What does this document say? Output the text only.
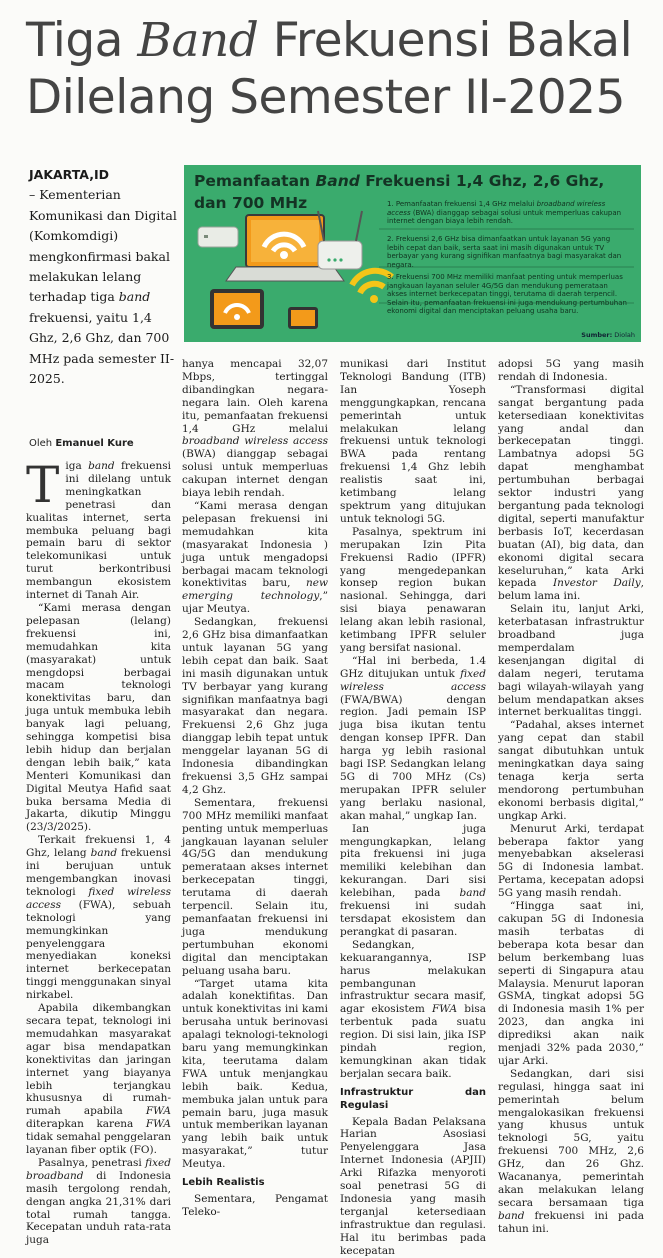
Tiga Band Frekuensi Bakal Dilelang Semester II-2025
JAKARTA,ID
– Kementerian Komunikasi dan Digital (Komkomdigi) mengkonfirmasi bakal melakukan lelang terhadap tiga band frekuensi, yaitu 1,4 Ghz, 2,6 Ghz, dan 700 MHz pada semester II-2025.
Oleh Emanuel Kure
Pemanfaatan Band Frekuensi 1,4 Ghz, 2,6 Ghz, dan 700 MHz	1. Pemanfaatan frekuensi 1,4 GHz melalui broadband wireless access (BWA) dianggap sebagai solusi untuk memperluas cakupan internet dengan biaya lebih rendah.
2. Frekuensi 2,6 GHz bisa dimanfaatkan untuk layanan 5G yang lebih cepat dan baik, serta saat ini masih digunakan untuk TV berbayar yang kurang signifikan manfaatnya bagi masyarakat dan negara.
3. Frekuensi 700 MHz memiliki manfaat penting untuk memperluas jangkauan layanan seluler 4G/5G dan mendukung pemerataan akses internet berkecepatan tinggi, terutama di daerah terpencil. Selain itu, pemanfaatan frekuensi ini juga mendukung pertumbuhan ekonomi digital dan menciptakan peluang usaha baru.
Sumber: Diolah

Tiga band frekuensi ini dilelang untuk meningkatkan penetrasi dan kualitas internet, serta membuka peluang bagi pemain baru di sektor telekomunikasi untuk turut berkontribusi membangun ekosistem internet di Tanah Air.

“Kami merasa dengan pelepasan (lelang) frekuensi ini, memudahkan kita (masyarakat) untuk mengdopsi berbagai macam teknologi konektivitas baru, dan juga untuk membuka lebih banyak lagi peluang, sehingga kompetisi bisa lebih hidup dan berjalan dengan lebih baik,” kata Menteri Komunikasi dan Digital Meutya Hafid saat buka bersama Media di Jakarta, dikutip Minggu (23/3/2025).

Terkait frekuensi 1, 4 Ghz, lelang band frekuensi ini berujuan untuk mengembangkan inovasi teknologi fixed wireless access (FWA), sebuah teknologi yang memungkinkan penyelenggara menyediakan koneksi internet berkecepatan tinggi menggunakan sinyal nirkabel.

Apabila dikembangkan secara tepat, teknologi ini memudahkan masyarakat agar bisa mendapatkan konektivitas dan jaringan internet yang biayanya lebih terjangkau khususnya di rumah-rumah apabila FWA diterapkan karena FWA tidak semahal penggelaran layanan fiber optik (FO).

Pasalnya, penetrasi fixed broadband di Indonesia masih tergolong rendah, dengan angka 21,31% dari total rumah tangga. Kecepatan unduh rata-rata juga

hanya mencapai 32,07 Mbps, tertinggal dibandingkan negara-negara lain. Oleh karena itu, pemanfaatan frekuensi 1,4 GHz melalui broadband wireless access (BWA) dianggap sebagai solusi untuk memperluas cakupan internet dengan biaya lebih rendah.

“Kami merasa dengan pelepasan frekuensi ini memudahkan kita (masyarakat Indonesia ) juga untuk mengadopsi berbagai macam teknologi konektivitas baru, new emerging technology,” ujar Meutya.

Sedangkan, frekuensi 2,6 GHz bisa dimanfaatkan untuk layanan 5G yang lebih cepat dan baik. Saat ini masih digunakan untuk TV berbayar yang kurang signifikan manfaatnya bagi masyarakat dan negara. Frekuensi 2,6 Ghz juga dianggap lebih tepat untuk menggelar layanan 5G di Indonesia dibandingkan frekuensi 3,5 GHz sampai 4,2 Ghz.

Sementara, frekuensi 700 MHz memiliki manfaat penting untuk memperluas jangkauan layanan seluler 4G/5G dan mendukung pemerataan akses internet berkecepatan tinggi, terutama di daerah terpencil. Selain itu, pemanfaatan frekuensi ini juga mendukung pertumbuhan ekonomi digital dan menciptakan peluang usaha baru.

“Target utama kita adalah konektifitas. Dan untuk konektivitas ini kami berusaha untuk berinovasi apalagi teknologi-teknologi baru yang memungkinkan kita, teerutama dalam FWA untuk menjangkau lebih baik. Kedua, membuka jalan untuk para pemain baru, juga masuk untuk memberikan layanan yang lebih baik untuk masyarakat,” tutur Meutya.

Lebih Realistis

Sementara, Pengamat Teleko-

munikasi dari Institut Teknologi Bandung (ITB) Ian Yoseph menggungkapkan, rencana pemerintah untuk melakukan lelang frekuensi untuk teknologi BWA pada rentang frekuensi 1,4 Ghz lebih realistis saat ini, ketimbang lelang spektrum yang ditujukan untuk teknologi 5G.

Pasalnya, spektrum ini merupakan Izin Pita Frekuensi Radio (IPFR) yang mengedepankan konsep region bukan nasional. Sehingga, dari sisi biaya penawaran lelang akan lebih rasional, ketimbang IPFR seluler yang bersifat nasional.

“Hal ini berbeda, 1.4 GHz ditujukan untuk fixed wireless access (FWA/BWA) dengan region. Jadi pemain ISP juga bisa ikutan tentu dengan konsep IPFR. Dan harga yg lebih rasional bagi ISP. Sedangkan lelang 5G di 700 MHz (Cs) merupakan IPFR seluler yang berlaku nasional, akan mahal,” ungkap Ian.

Ian juga mengungkapkan, lelang pita frekuensi ini juga memiliki kelebihan dan kekurangan. Dari sisi kelebihan, pada band frekuensi ini sudah tersdapat ekosistem dan perangkat di pasaran.

Sedangkan, kekuarangannya, ISP harus melakukan pembangunan infrastruktur secara masif, agar ekosistem FWA bisa terbentuk pada suatu region. Di sisi lain, jika ISP pindah region, kemungkinan akan tidak berjalan secara baik.

Infrastruktur dan Regulasi

Kepala Badan Pelaksana Harian Asosiasi Penyelenggara Jasa Internet Indonesia (APJII) Arki Rifazka menyoroti soal penetrasi 5G di Indonesia yang masih terganjal ketersediaan infrastruktue dan regulasi. Hal itu berimbas pada kecepatan

adopsi 5G yang masih rendah di Indonesia.

“Transformasi digital sangat bergantung pada ketersediaan konektivitas yang andal dan berkecepatan tinggi. Lambatnya adopsi 5G dapat menghambat pertumbuhan berbagai sektor industri yang bergantung pada teknologi digital, seperti manufaktur berbasis IoT, kecerdasan buatan (AI), big data, dan ekonomi digital secara keseluruhan,” kata Arki kepada Investor Daily, belum lama ini.

Selain itu, lanjut Arki, keterbatasan infrastruktur broadband juga memperdalam kesenjangan digital di dalam negeri, terutama bagi wilayah-wilayah yang belum mendapatkan akses internet berkualitas tinggi.

“Padahal, akses internet yang cepat dan stabil sangat dibutuhkan untuk meningkatkan daya saing tenaga kerja serta mendorong pertumbuhan ekonomi berbasis digital,” ungkap Arki.

Menurut Arki, terdapat beberapa faktor yang menyebabkan akselerasi 5G di Indonesia lambat. Pertama, kecepatan adopsi 5G yang masih rendah.

“Hingga saat ini, cakupan 5G di Indonesia masih terbatas di beberapa kota besar dan belum berkembang luas seperti di Singapura atau Malaysia. Menurut laporan GSMA, tingkat adopsi 5G di Indonesia masih 1% per 2023, dan angka ini diprediksi akan naik menjadi 32% pada 2030,” ujar Arki.

Sedangkan, dari sisi regulasi, hingga saat ini pemerintah belum mengalokasikan frekuensi yang khusus untuk teknologi 5G, yaitu frekuensi 700 MHz, 2,6 GHz, dan 26 Ghz. Wacananya, pemerintah akan melakukan lelang secara bersamaan tiga band frekuensi ini pada tahun ini.
